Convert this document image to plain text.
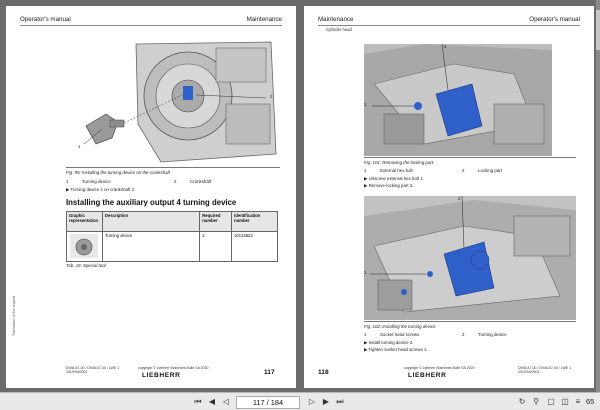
Operator's manual	Maintenance
2
1
Fig. 99: Installing the turning device on the crankshaft
1	Turning device	2	Crankshaft
▶ Turning device 1 on crankshaft 2
Installing the auxiliary output 4 turning device
Graphic representation	Description	Required number	Identification number
	Turning device	1	10134822
Tab. 19: Special tool
Translation of the original
D936 A7-00 / D946 A7-00 / LWE 1
2019/04/0001
copyright © Liebherr Machines Bulle SA 2020
LIEBHERR	117
Maintenance	Operator's manual
Cylinder head
2
1
Fig. 101: Removing the locking part
1	External hex bolt	2	Locking part
▶ Unscrew external hex bolt 1.
▶ Remove locking part 2.
2
1
Fig. 102: Installing the turning device
1	Socket head screws	2	Turning device
▶ Install turning device 2.
▶ Tighten socket head screws 1.
118
copyright © Liebherr Machines Bulle SA 2020
LIEBHERR
D936 A7-00 / D946 A7-00 / LWE 1
2019/04/0001
⏮ ◀ ◁	117 / 184	▷ ▶ ⏭	↻ ⚲	▢ ◫ ≡ 65
